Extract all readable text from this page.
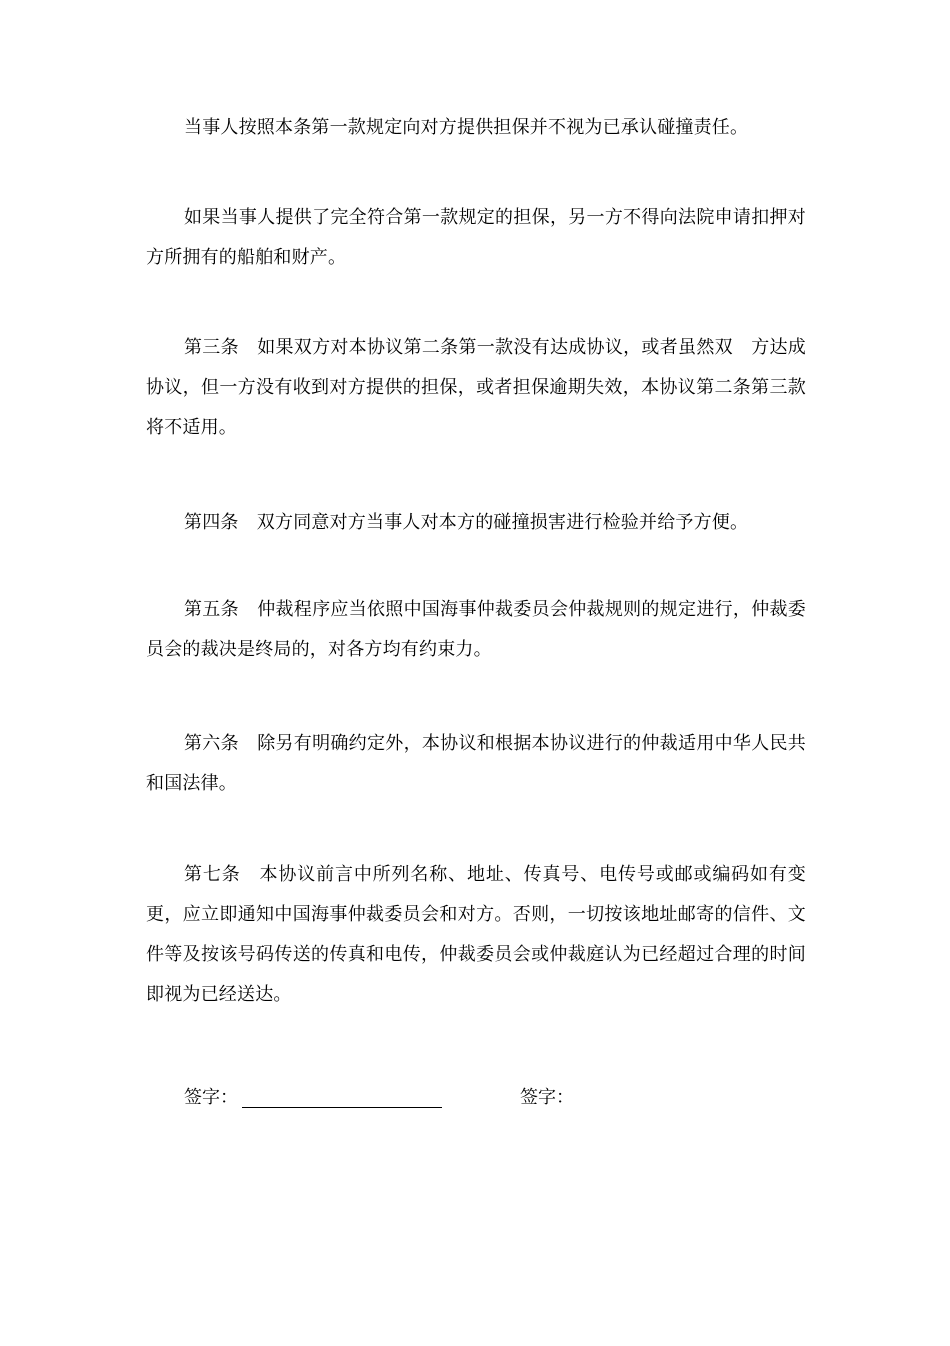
当事人按照本条第一款规定向对方提供担保并不视为已承认碰撞责任。

如果当事人提供了完全符合第一款规定的担保，另一方不得向法院申请扣押对方所拥有的船舶和财产。

第三条　如果双方对本协议第二条第一款没有达成协议，或者虽然双　方达成协议，但一方没有收到对方提供的担保，或者担保逾期失效，本协议第二条第三款将不适用。

第四条　双方同意对方当事人对本方的碰撞损害进行检验并给予方便。

第五条　仲裁程序应当依照中国海事仲裁委员会仲裁规则的规定进行，仲裁委员会的裁决是终局的，对各方均有约束力。

第六条　除另有明确约定外，本协议和根据本协议进行的仲裁适用中华人民共和国法律。

第七条　本协议前言中所列名称、地址、传真号、电传号或邮或编码如有变更，应立即通知中国海事仲裁委员会和对方。否则，一切按该地址邮寄的信件、文件等及按该号码传送的传真和电传，仲裁委员会或仲裁庭认为已经超过合理的时间即视为已经送达。

签字：	签字：
